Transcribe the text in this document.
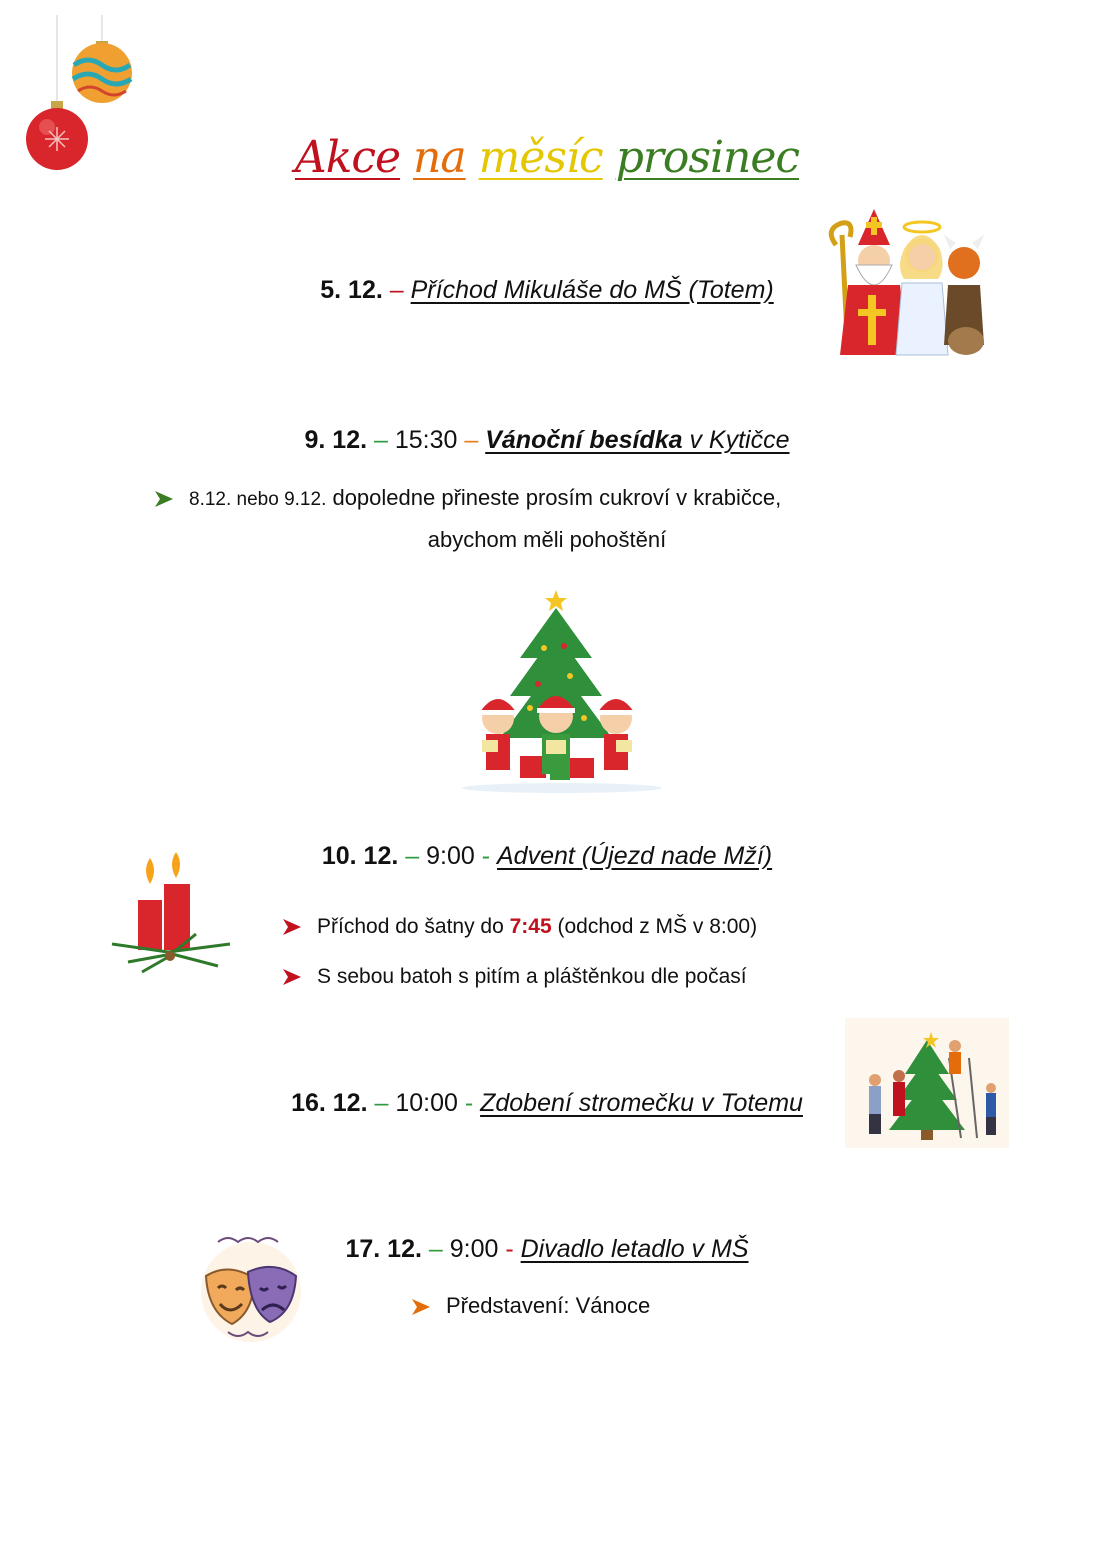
Akce na měsíc prosinec
5. 12. – Příchod Mikuláše do MŠ (Totem)
9. 12. – 15:30 – Vánoční besídka v Kytičce
8.12. nebo 9.12. dopoledne přineste prosím cukroví v krabičce,
abychom měli pohoštění
10. 12. – 9:00 - Advent (Újezd nade Mží)
Příchod do šatny do 7:45 (odchod z MŠ v 8:00)
S sebou batoh s pitím a pláštěnkou dle počasí
16. 12. – 10:00 - Zdobení stromečku v Totemu
17. 12. – 9:00 - Divadlo letadlo v MŠ
Představení: Vánoce
